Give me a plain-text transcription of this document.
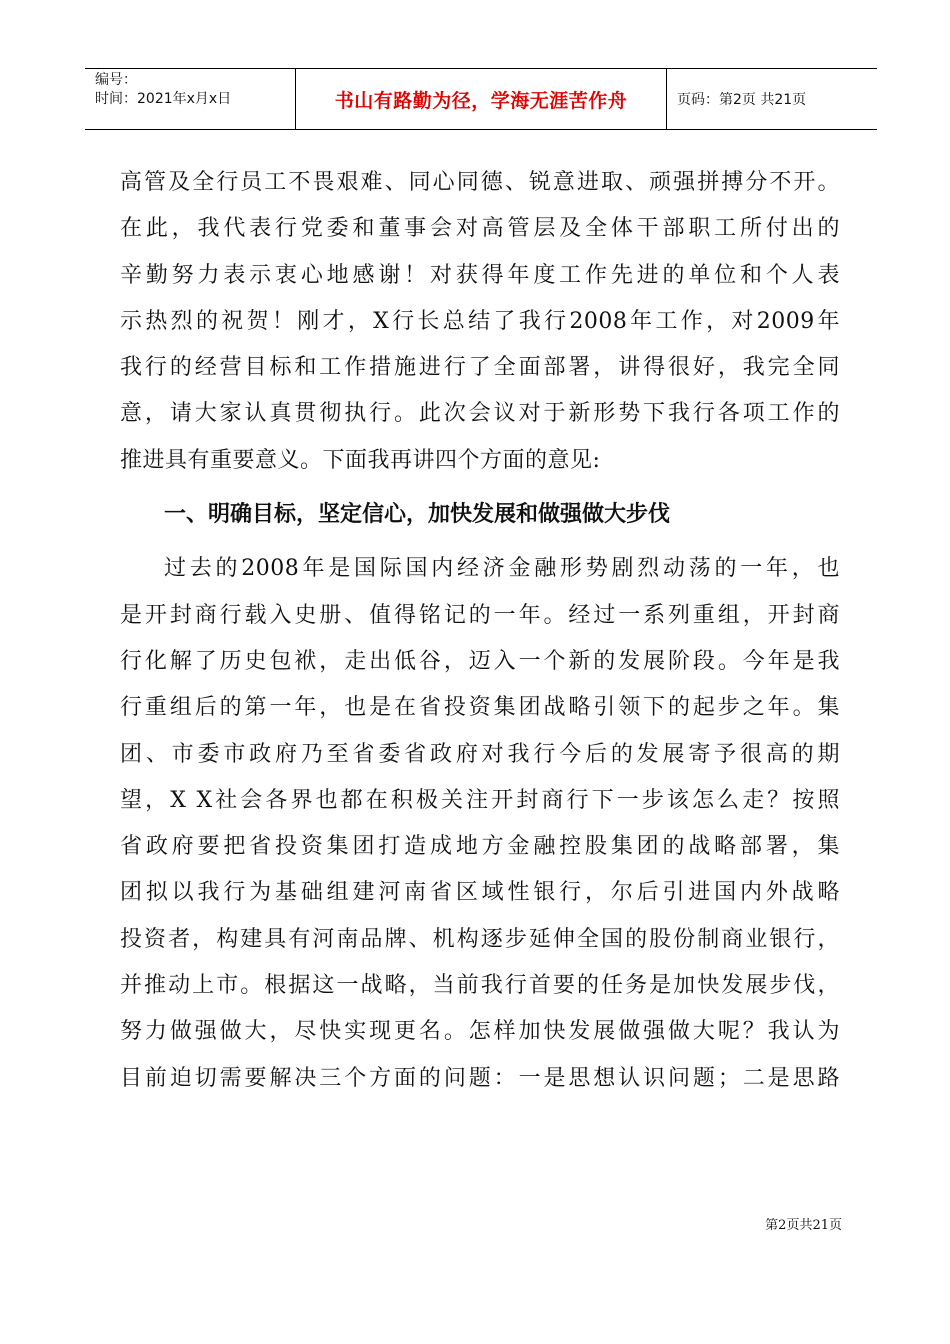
编号：
时间：2021年x月x日	书山有路勤为径，学海无涯苦作舟	页码：第2页 共21页
高管及全行员工不畏艰难、同心同德、锐意进取、顽强拼搏分不开。
在此，我代表行党委和董事会对高管层及全体干部职工所付出的
辛勤努力表示衷心地感谢！对获得年度工作先进的单位和个人表
示热烈的祝贺！刚才，X行长总结了我行2008年工作，对2009年
我行的经营目标和工作措施进行了全面部署，讲得很好，我完全同
意，请大家认真贯彻执行。此次会议对于新形势下我行各项工作的
推进具有重要意义。下面我再讲四个方面的意见:
一、明确目标，坚定信心，加快发展和做强做大步伐
过去的2008年是国际国内经济金融形势剧烈动荡的一年，也
是开封商行载入史册、值得铭记的一年。经过一系列重组，开封商
行化解了历史包袱，走出低谷，迈入一个新的发展阶段。今年是我
行重组后的第一年，也是在省投资集团战略引领下的起步之年。集
团、市委市政府乃至省委省政府对我行今后的发展寄予很高的期
望，X X社会各界也都在积极关注开封商行下一步该怎么走？按照
省政府要把省投资集团打造成地方金融控股集团的战略部署，集
团拟以我行为基础组建河南省区域性银行，尔后引进国内外战略
投资者，构建具有河南品牌、机构逐步延伸全国的股份制商业银行，
并推动上市。根据这一战略，当前我行首要的任务是加快发展步伐，
努力做强做大，尽快实现更名。怎样加快发展做强做大呢？我认为
目前迫切需要解决三个方面的问题：一是思想认识问题；二是思路
第2页共21页
